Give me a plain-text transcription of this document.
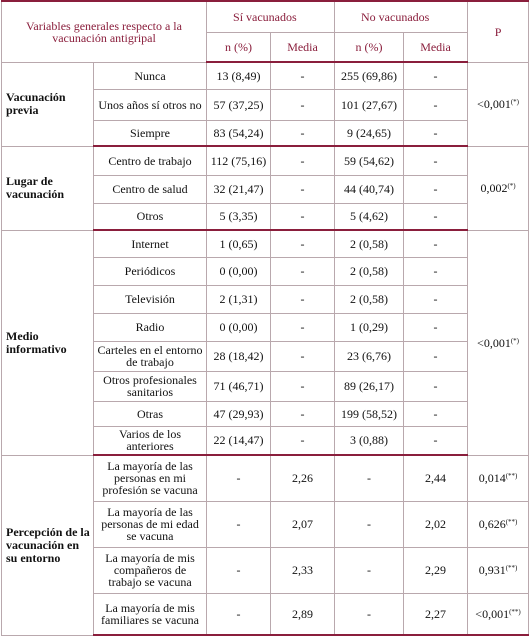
Variables generales respecto a la vacunación antigripal		Sí vacunados		No vacunados		P
		n (%)	Media	n (%)	Media	
Vacunación previa	Nunca	13 (8,49)	-	255 (69,86)	-	<0,001(*)
	Unos años sí otros no	57 (37,25)	-	101 (27,67)	-	
	Siempre	83 (54,24)	-	9 (24,65)	-	
Lugar de vacunación	Centro de trabajo	112 (75,16)	-	59 (54,62)	-	0,002(*)
	Centro de salud	32 (21,47)	-	44 (40,74)	-	
	Otros	5 (3,35)	-	5 (4,62)	-	
Medio informativo	Internet	1 (0,65)	-	2 (0,58)	-	<0,001(*)
	Periódicos	0 (0,00)	-	2 (0,58)	-	
	Televisión	2 (1,31)	-	2 (0,58)	-	
	Radio	0 (0,00)	-	1 (0,29)	-	
	Carteles en el entorno de trabajo	28 (18,42)	-	23 (6,76)	-	
	Otros profesionales sanitarios	71 (46,71)	-	89 (26,17)	-	
	Otras	47 (29,93)	-	199 (58,52)	-	
	Varios de los anteriores	22 (14,47)	-	3 (0,88)	-	
Percepción de la vacunación en su entorno	La mayoría de las personas en mi profesión se vacuna	-	2,26	-	2,44	0,014(**)
	La mayoría de las personas de mi edad se vacuna	-	2,07	-	2,02	0,626(**)
	La mayoría de mis compañeros de trabajo se vacuna	-	2,33	-	2,29	0,931(**)
	La mayoría de mis familiares se vacuna	-	2,89	-	2,27	<0,001(**)
